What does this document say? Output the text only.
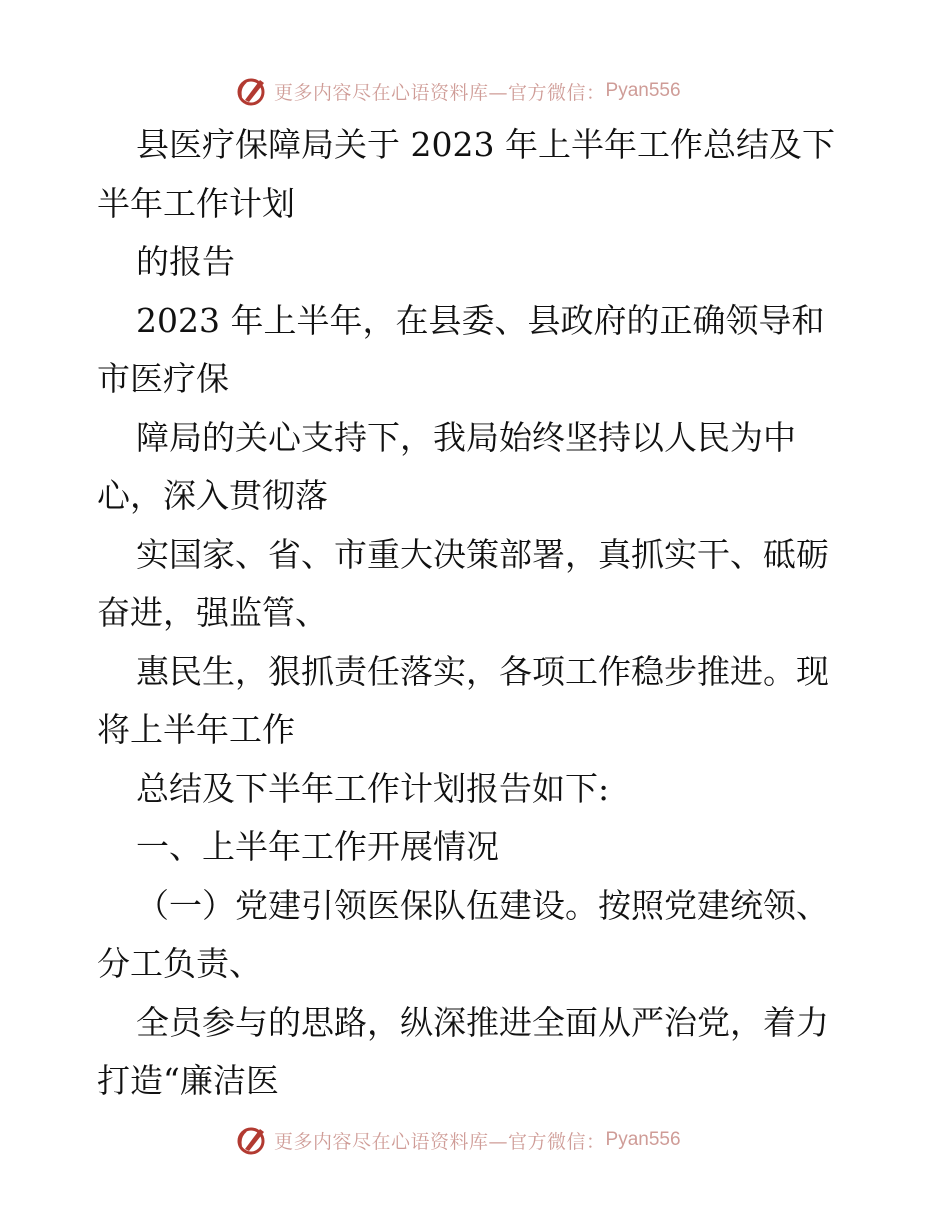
更多内容尽在心语资料库—官方微信： Pyan556
县医疗保障局关于 2023 年上半年工作总结及下
半年工作计划
的报告
2023 年上半年，在县委、县政府的正确领导和
市医疗保
障局的关心支持下，我局始终坚持以人民为中
心，深入贯彻落
实国家、省、市重大决策部署，真抓实干、砥砺
奋进，强监管、
惠民生，狠抓责任落实，各项工作稳步推进。现
将上半年工作
总结及下半年工作计划报告如下:
一、上半年工作开展情况
（一）党建引领医保队伍建设。按照党建统领、
分工负责、
全员参与的思路，纵深推进全面从严治党，着力
打造“廉洁医
更多内容尽在心语资料库—官方微信： Pyan556
